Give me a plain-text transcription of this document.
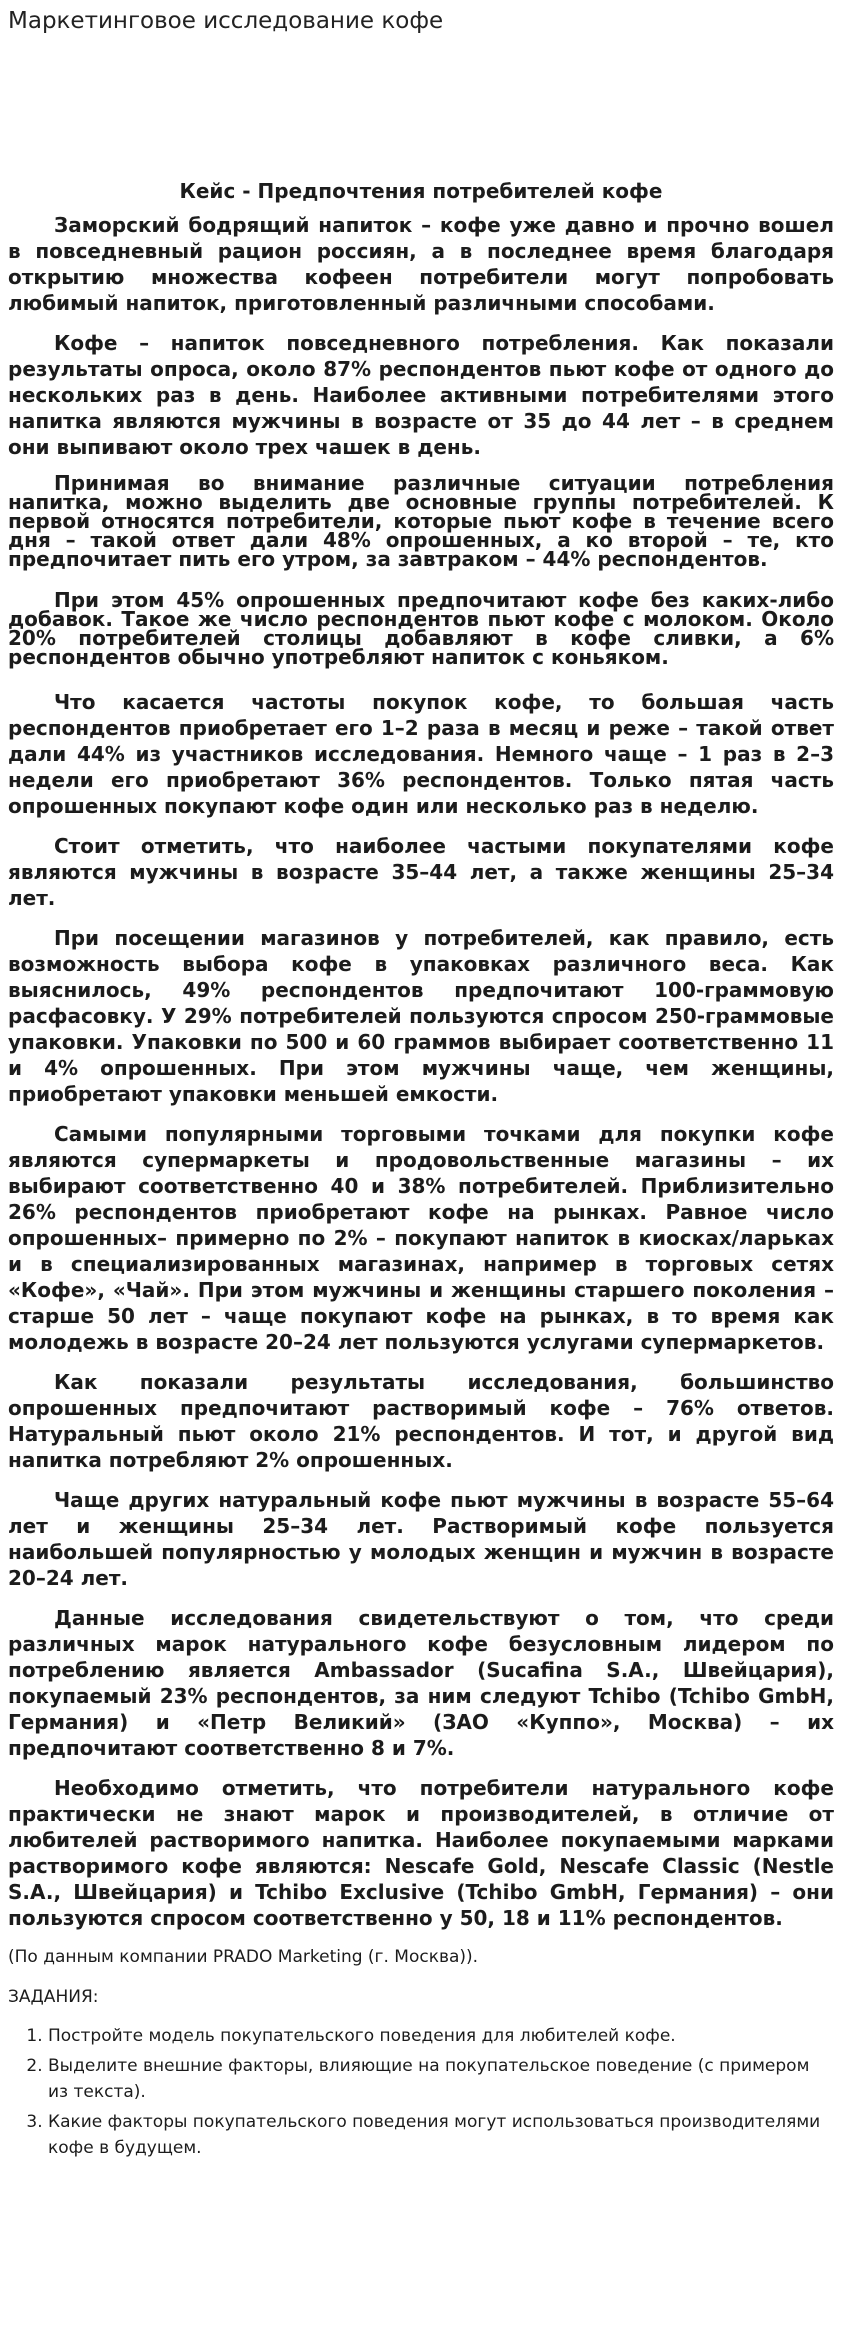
Маркетинговое исследование кофе
Кейс - Предпочтения потребителей кофе

Заморский бодрящий напиток – кофе уже давно и прочно вошел в повседневный рацион россиян, а в последнее время благодаря открытию множества кофеен потребители могут попробовать любимый напиток, приготовленный различными способами.

Кофе – напиток повседневного потребления. Как показали результаты опроса, около 87% респондентов пьют кофе от одного до нескольких раз в день. Наиболее активными потребителями этого напитка являются мужчины в возрасте от 35 до 44 лет – в среднем они выпивают около трех чашек в день.

Принимая во внимание различные ситуации потребления напитка, можно выделить две основные группы потребителей. К первой относятся потребители, которые пьют кофе в течение всего дня – такой ответ дали 48% опрошенных, а ко второй – те, кто предпочитает пить его утром, за завтраком – 44% респондентов.

При этом 45% опрошенных предпочитают кофе без каких-либо добавок. Такое же число респондентов пьют кофе с молоком. Около 20% потребителей столицы добавляют в кофе сливки, а 6% респондентов обычно употребляют напиток с коньяком.

Что касается частоты покупок кофе, то большая часть респондентов приобретает его 1–2 раза в месяц и реже – такой ответ дали 44% из участников исследования. Немного чаще – 1 раз в 2–3 недели его приобретают 36% респондентов. Только пятая часть опрошенных покупают кофе один или несколько раз в неделю.

Стоит отметить, что наиболее частыми покупателями кофе являются мужчины в возрасте 35–44 лет, а также женщины 25–34 лет.

При посещении магазинов у потребителей, как правило, есть возможность выбора кофе в упаковках различного веса. Как выяснилось, 49% респондентов предпочитают 100-граммовую расфасовку. У 29% потребителей пользуются спросом 250-граммовые упаковки. Упаковки по 500 и 60 граммов выбирает соответственно 11 и 4% опрошенных. При этом мужчины чаще, чем женщины, приобретают упаковки меньшей емкости.

Самыми популярными торговыми точками для покупки кофе являются супермаркеты и продовольственные магазины – их выбирают соответственно 40 и 38% потребителей. Приблизительно 26% респондентов приобретают кофе на рынках. Равное число опрошенных– примерно по 2% – покупают напиток в киосках/ларьках и в специализированных магазинах, например в торговых сетях «Кофе», «Чай». При этом мужчины и женщины старшего поколения – старше 50 лет – чаще покупают кофе на рынках, в то время как молодежь в возрасте 20–24 лет пользуются услугами супермаркетов.

Как показали результаты исследования, большинство опрошенных предпочитают растворимый кофе – 76% ответов. Натуральный пьют около 21% респондентов. И тот, и другой вид напитка потребляют 2% опрошенных.

Чаще других натуральный кофе пьют мужчины в возрасте 55–64 лет и женщины 25–34 лет. Растворимый кофе пользуется наибольшей популярностью у молодых женщин и мужчин в возрасте 20–24 лет.

Данные исследования свидетельствуют о том, что среди различных марок натурального кофе безусловным лидером по потреблению является Ambassador (Sucafina S.A., Швейцария), покупаемый 23% респондентов, за ним следуют Tchibo (Tchibo GmbH, Германия) и «Петр Великий» (ЗАО «Куппо», Москва) – их предпочитают соответственно 8 и 7%.

Необходимо отметить, что потребители натурального кофе практически не знают марок и производителей, в отличие от любителей растворимого напитка. Наиболее покупаемыми марками растворимого кофе являются: Nescafe Gold, Nescafe Classic (Nestle S.A., Швейцария) и Tchibo Exclusive (Tchibo GmbH, Германия) – они пользуются спросом соответственно у 50, 18 и 11% респондентов.

(По данным компании PRADO Marketing (г. Москва)).

ЗАДАНИЯ:

1. Постройте модель покупательского поведения для любителей кофе.
2. Выделите внешние факторы, влияющие на покупательское поведение (с примером из текста).
3. Какие факторы покупательского поведения могут использоваться производителями кофе в будущем.
